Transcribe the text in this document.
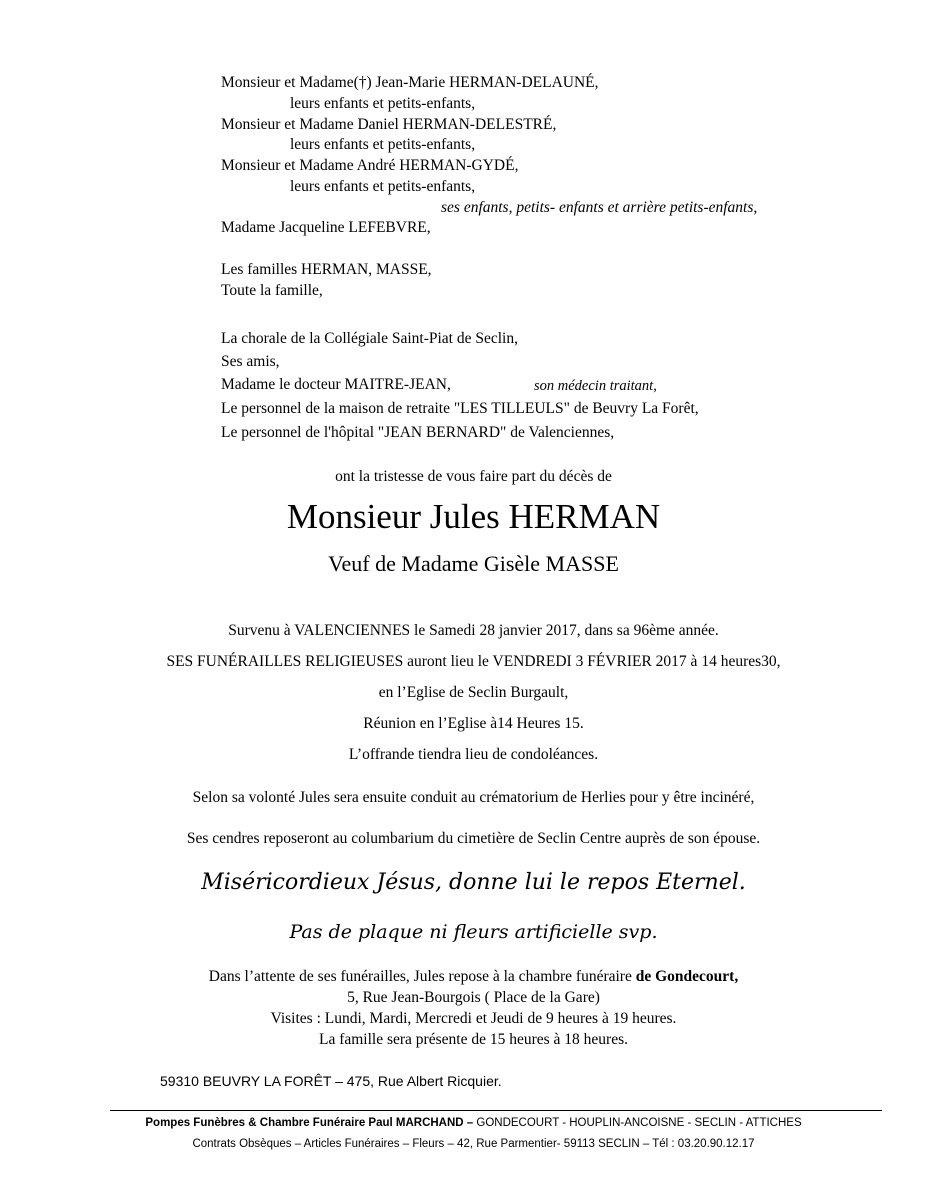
Monsieur et Madame(†) Jean-Marie HERMAN-DELAUNÉ,
leurs enfants et petits-enfants,
Monsieur et Madame Daniel HERMAN-DELESTRÉ,
leurs enfants et petits-enfants,
Monsieur et Madame André HERMAN-GYDÉ,
leurs enfants et petits-enfants,
ses enfants, petits- enfants et arrière petits-enfants,
Madame Jacqueline LEFEBVRE,
Les familles HERMAN, MASSE,
Toute la famille,
La chorale de la Collégiale Saint-Piat de Seclin,
Ses amis,
Madame le docteur MAITRE-JEAN,	son médecin traitant,
Le personnel de la maison de retraite "LES TILLEULS" de Beuvry La Forêt,
Le personnel de l'hôpital "JEAN BERNARD" de Valenciennes,
ont la tristesse de vous faire part du décès de
Monsieur Jules HERMAN
Veuf de Madame Gisèle MASSE
Survenu à VALENCIENNES le Samedi 28 janvier 2017, dans sa 96ème année.
SES FUNÉRAILLES RELIGIEUSES auront lieu le VENDREDI 3 FÉVRIER 2017 à 14 heures30,
en l’Eglise de Seclin Burgault,
Réunion en l’Eglise à14 Heures 15.
L’offrande tiendra lieu de condoléances.
Selon sa volonté Jules sera ensuite conduit au crématorium de Herlies pour y être incinéré,
Ses cendres reposeront au columbarium du cimetière de Seclin Centre auprès de son épouse.
Miséricordieux Jésus, donne lui le repos Eternel.
Pas de plaque ni fleurs artificielle svp.
Dans l’attente de ses funérailles, Jules repose à la chambre funéraire de Gondecourt,
5, Rue Jean-Bourgois ( Place de la Gare)
Visites : Lundi, Mardi, Mercredi et Jeudi de 9 heures à 19 heures.
La famille sera présente de 15 heures à 18 heures.
59310 BEUVRY LA FORÊT – 475, Rue Albert Ricquier.
Pompes Funèbres & Chambre Funéraire Paul MARCHAND – GONDECOURT - HOUPLIN-ANCOISNE - SECLIN - ATTICHES
Contrats Obsèques – Articles Funéraires – Fleurs – 42, Rue Parmentier- 59113 SECLIN – Tél : 03.20.90.12.17
